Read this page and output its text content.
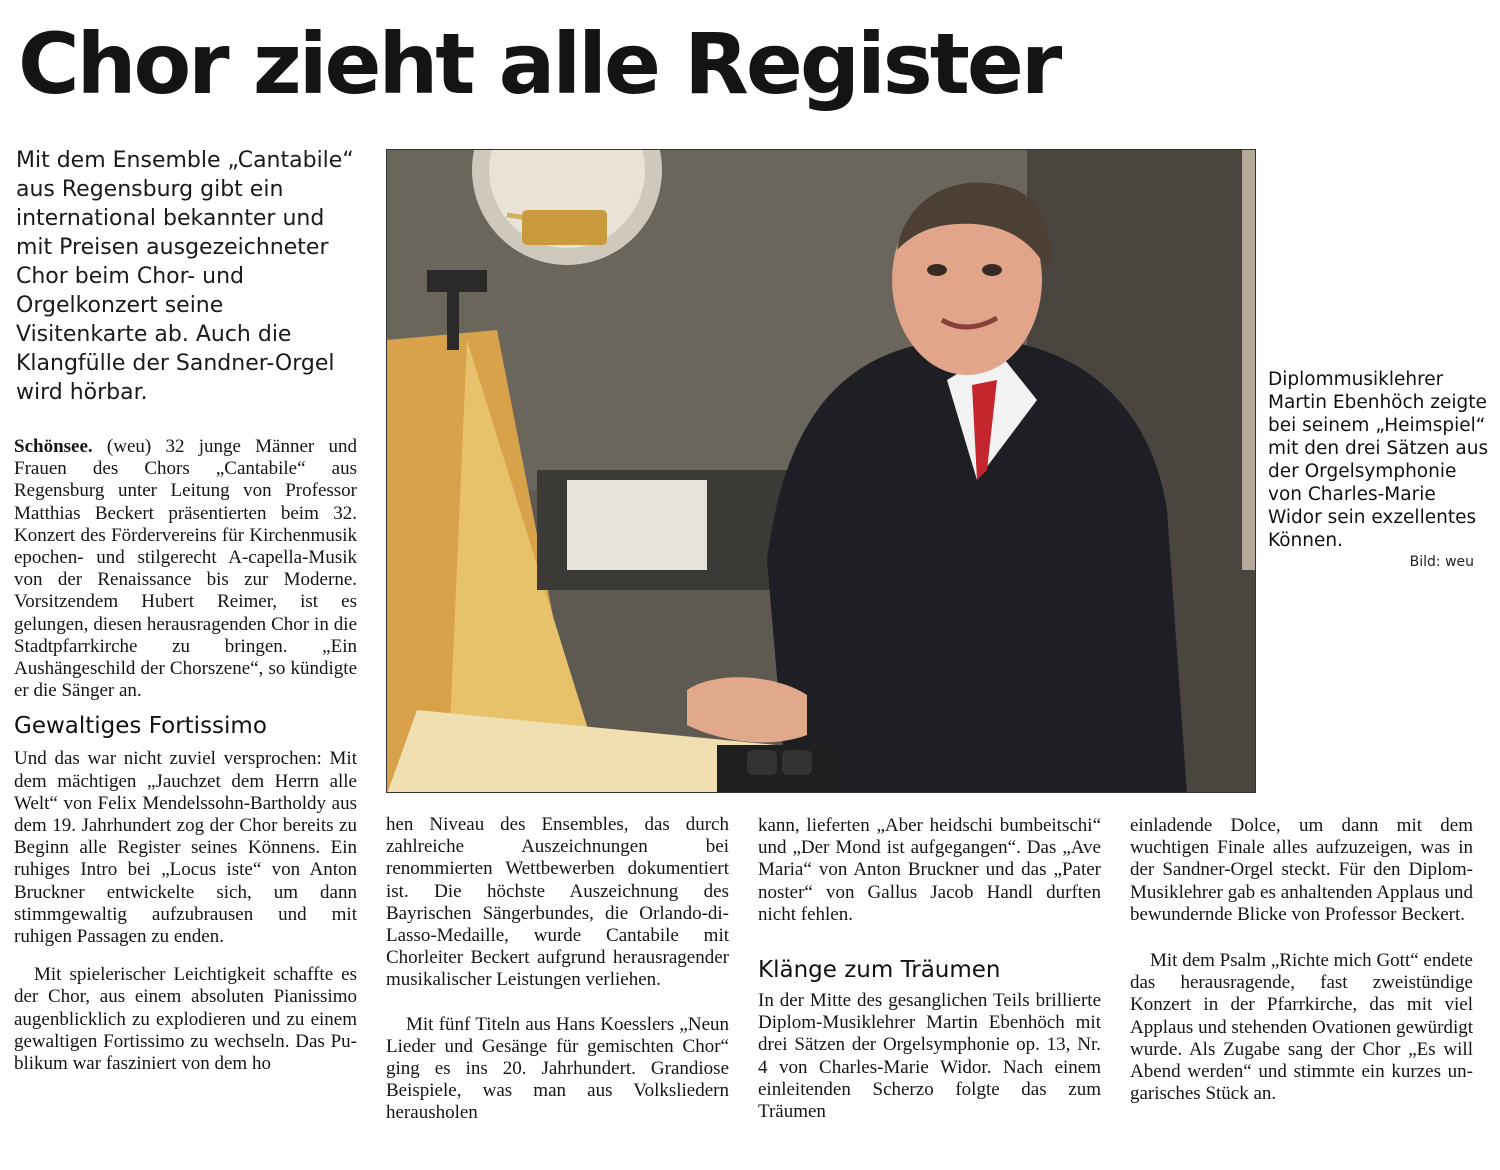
Chor zieht alle Register
Mit dem Ensemble „Cantabile“ aus Regensburg gibt ein international bekannter und mit Preisen ausgezeichneter Chor beim Chor- und Orgelkonzert seine Visitenkarte ab. Auch die Klangfülle der Sandner-Orgel wird hörbar.

Schönsee. (weu) 32 junge Männer und Frauen des Chors „Cantabile“ aus Regensburg unter Leitung von Professor Matthias Beckert präsentierten beim 32. Konzert des Fördervereins für Kirchenmusik epochen- und stilgerecht A-capella-Musik von der Renaissance bis zur Moderne. Vorsitzendem Hubert Reimer, ist es gelungen, diesen herausragenden Chor in die Stadtpfarrkirche zu bringen. „Ein Aushängeschild der Chorszene“, so kündigte er die Sänger an.

Gewaltiges Fortissimo

Und das war nicht zuviel versprochen: Mit dem mächtigen „Jauchzet dem Herrn alle Welt“ von Felix Mendelssohn-Bartholdy aus dem 19. Jahrhundert zog der Chor bereits zu Beginn alle Register seines Könnens. Ein ruhiges Intro bei „Locus iste“ von Anton Bruckner entwickelte sich, um dann stimmgewaltig aufzubrausen und mit ruhigen Passagen zu enden.

Mit spielerischer Leichtigkeit schaffte es der Chor, aus einem absoluten Pianissimo augenblicklich zu explodieren und zu einem gewaltigen Fortissimo zu wechseln. Das Publikum war fasziniert von dem ho

Diplommusiklehrer Martin Ebenhöch zeigte bei seinem „Heimspiel“ mit den drei Sätzen aus der Orgelsymphonie von Charles-Marie Widor sein exzellentes Können.
Bild: weu

hen Niveau des Ensembles, das durch zahlreiche Auszeichnungen bei renommierten Wettbewerben dokumentiert ist. Die höchste Auszeichnung des Bayrischen Sängerbundes, die Orlando-di-Lasso-Medaille, wurde Cantabile mit Chorleiter Beckert aufgrund herausragender musikalischer Leistungen verliehen.

Mit fünf Titeln aus Hans Koesslers „Neun Lieder und Gesänge für gemischten Chor“ ging es ins 20. Jahrhundert. Grandiose Beispiele, was man aus Volksliedern herausholen

kann, lieferten „Aber heidschi bumbeitschi“ und „Der Mond ist aufgegangen“. Das „Ave Maria“ von Anton Bruckner und das „Pater noster“ von Gallus Jacob Handl durften nicht fehlen.

Klänge zum Träumen

In der Mitte des gesanglichen Teils brillierte Diplom-Musiklehrer Martin Ebenhöch mit drei Sätzen der Orgelsymphonie op. 13, Nr. 4 von Charles-Marie Widor. Nach einem einleitenden Scherzo folgte das zum Träumen

einladende Dolce, um dann mit dem wuchtigen Finale alles aufzuzeigen, was in der Sandner-Orgel steckt. Für den Diplom-Musiklehrer gab es anhaltenden Applaus und bewundernde Blicke von Professor Beckert.

Mit dem Psalm „Richte mich Gott“ endete das herausragende, fast zweistündige Konzert in der Pfarrkirche, das mit viel Applaus und stehenden Ovationen gewürdigt wurde. Als Zugabe sang der Chor „Es will Abend werden“ und stimmte ein kurzes ungarisches Stück an.
